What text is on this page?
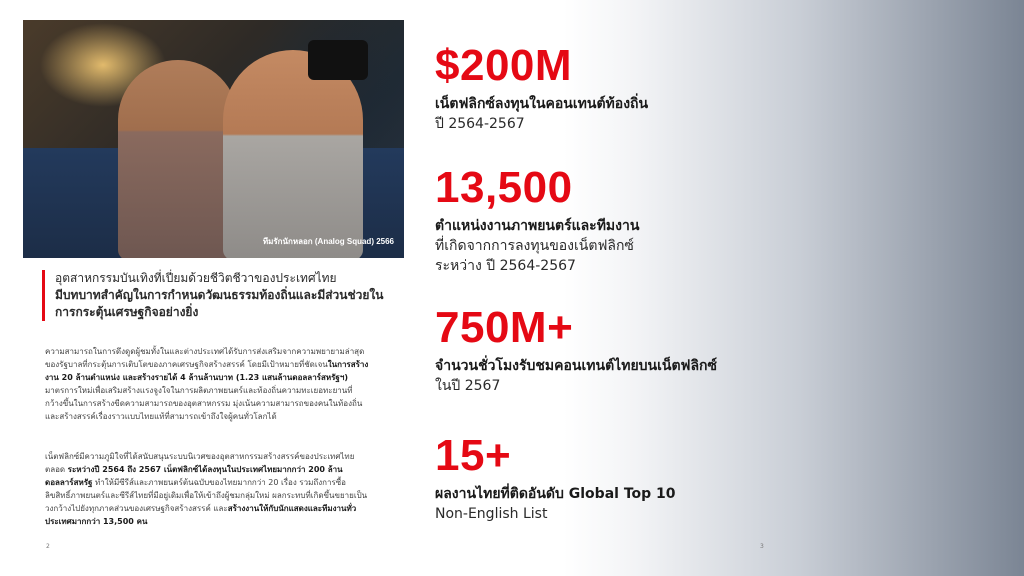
ทีมรักนักหลอก (Analog Squad) 2566
อุตสาหกรรมบันเทิงที่เปี่ยมด้วยชีวิตชีวาของประเทศไทย
มีบทบาทสำคัญในการกำหนดวัฒนธรรมท้องถิ่นและมีส่วนช่วยในการกระตุ้นเศรษฐกิจอย่างยิ่ง
ความสามารถในการดึงดูดผู้ชมทั้งในและต่างประเทศได้รับการส่งเสริมจากความพยายามล่าสุดของรัฐบาลที่กระตุ้นการเติบโตของภาคเศรษฐกิจสร้างสรรค์ โดยมีเป้าหมายที่ชัดเจนในการสร้างงาน 20 ล้านตำแหน่ง และสร้างรายได้ 4 ล้านล้านบาท (1.23 แสนล้านดอลลาร์สหรัฐฯ) มาตรการใหม่เพื่อเสริมสร้างแรงจูงใจในการผลิตภาพยนตร์และท้องถิ่นความทะเยอทะยานที่กว้างขึ้นในการสร้างขีดความสามารถของอุตสาหกรรม มุ่งเน้นความสามารถของคนในท้องถิ่น และสร้างสรรค์เรื่องราวแบบไทยแท้ที่สามารถเข้าถึงใจผู้คนทั่วโลกได้
เน็ตฟลิกซ์มีความภูมิใจที่ได้สนับสนุนระบบนิเวศของอุตสาหกรรมสร้างสรรค์ของประเทศไทยตลอด ระหว่างปี 2564 ถึง 2567 เน็ตฟลิกซ์ได้ลงทุนในประเทศไทยมากกว่า 200 ล้านดอลลาร์สหรัฐ ทำให้มีซีรีส์และภาพยนตร์ต้นฉบับของไทยมากกว่า 20 เรื่อง รวมถึงการซื้อลิขสิทธิ์ภาพยนตร์และซีรีส์ไทยที่มีอยู่เดิมเพื่อให้เข้าถึงผู้ชมกลุ่มใหม่ ผลกระทบที่เกิดขึ้นขยายเป็นวงกว้างไปยังทุกภาคส่วนของเศรษฐกิจสร้างสรรค์ และสร้างงานให้กับนักแสดงและทีมงานทั่วประเทศมากกว่า 13,500 คน
2	3
$200M
เน็ตฟลิกซ์ลงทุนในคอนเทนต์ท้องถิ่น
ปี 2564-2567
13,500
ตำแหน่งงานภาพยนตร์และทีมงาน
ที่เกิดจากการลงทุนของเน็ตฟลิกซ์
ระหว่าง ปี 2564-2567
750M+
จำนวนชั่วโมงรับชมคอนเทนต์ไทยบนเน็ตฟลิกซ์
ในปี 2567
15+
ผลงานไทยที่ติดอันดับ Global Top 10
Non-English List
